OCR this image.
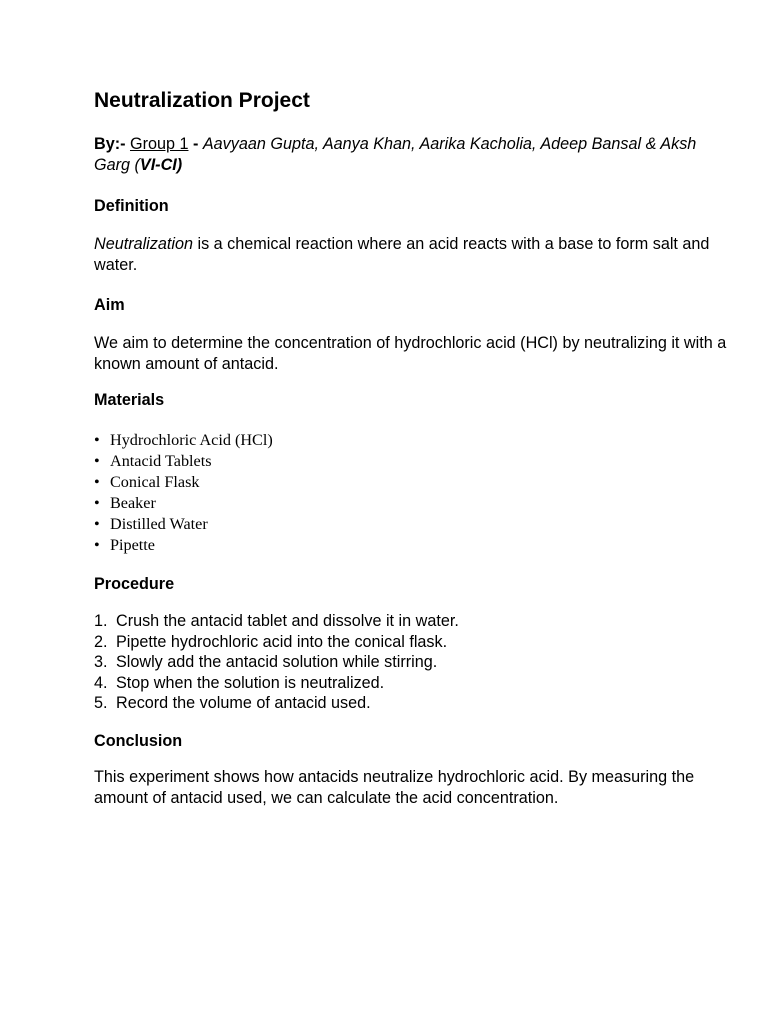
Neutralization Project

By:- Group 1 - Aavyaan Gupta, Aanya Khan, Aarika Kacholia, Adeep Bansal & Aksh Garg (VI-CI)

Definition

Neutralization is a chemical reaction where an acid reacts with a base to form salt and water.

Aim

We aim to determine the concentration of hydrochloric acid (HCl) by neutralizing it with a known amount of antacid.

Materials
• Hydrochloric Acid (HCl)
• Antacid Tablets
• Conical Flask
• Beaker
• Distilled Water
• Pipette
Procedure
1. Crush the antacid tablet and dissolve it in water.
2. Pipette hydrochloric acid into the conical flask.
3. Slowly add the antacid solution while stirring.
4. Stop when the solution is neutralized.
5. Record the volume of antacid used.
Conclusion

This experiment shows how antacids neutralize hydrochloric acid. By measuring the amount of antacid used, we can calculate the acid concentration.
